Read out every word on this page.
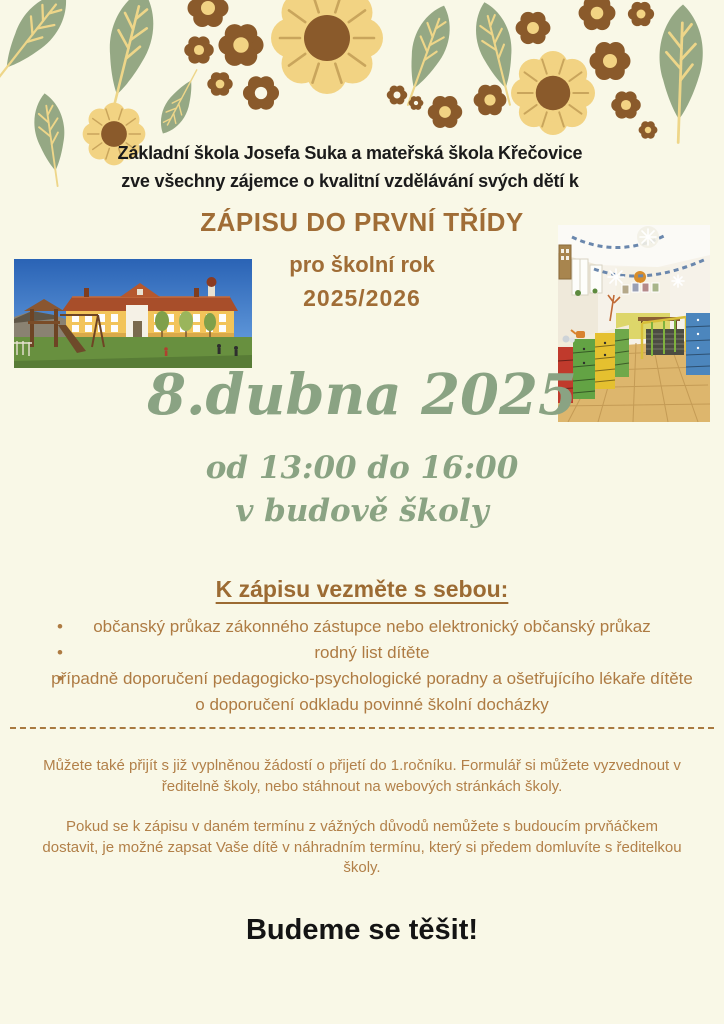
Základní škola Josefa Suka a mateřská škola Křečovice
zve všechny zájemce o kvalitní vzdělávání svých dětí k
ZÁPISU DO PRVNÍ TŘÍDY
pro školní rok
2025/2026
8.dubna 2025
od 13:00 do 16:00
v budově školy
K zápisu vezměte s sebou:
• občanský průkaz zákonného zástupce nebo elektronický občanský průkaz
• rodný list dítěte
• případně doporučení pedagogicko-psychologické poradny a ošetřujícího lékaře dítěte o doporučení odkladu povinné školní docházky

Můžete také přijít s již vyplněnou žádostí o přijetí do 1.ročníku. Formulář si můžete vyzvednout v ředitelně školy, nebo stáhnout na webových stránkách školy.

Pokud se k zápisu v daném termínu z vážných důvodů nemůžete s budoucím prvňáčkem dostavit, je možné zapsat Vaše dítě v náhradním termínu, který si předem domluvíte s ředitelkou školy.

Budeme se těšit!
